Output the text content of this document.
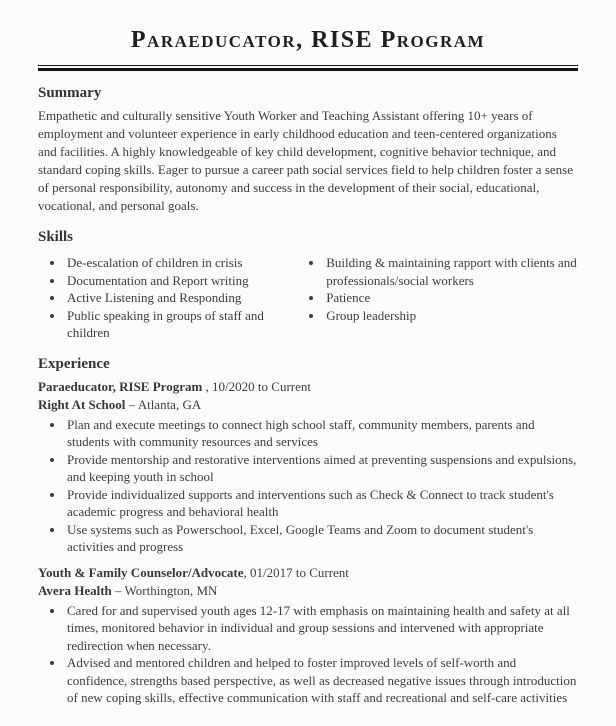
Paraeducator, RISE Program
Summary

Empathetic and culturally sensitive Youth Worker and Teaching Assistant offering 10+ years of employment and volunteer experience in early childhood education and teen-centered organizations and facilities. A highly knowledgeable of key child development, cognitive behavior technique, and standard coping skills. Eager to pursue a career path social services field to help children foster a sense of personal responsibility, autonomy and success in the development of their social, educational, vocational, and personal goals.

Skills
• De-escalation of children in crisis
• Documentation and Report writing
• Active Listening and Responding
• Public speaking in groups of staff and children
• Building & maintaining rapport with clients and professionals/social workers
• Patience
• Group leadership
Experience

Paraeducator, RISE Program , 10/2020 to Current

Right At School – Atlanta, GA

• Plan and execute meetings to connect high school staff, community members, parents and students with community resources and services
• Provide mentorship and restorative interventions aimed at preventing suspensions and expulsions, and keeping youth in school
• Provide individualized supports and interventions such as Check & Connect to track student's academic progress and behavioral health
• Use systems such as Powerschool, Excel, Google Teams and Zoom to document student's activities and progress

Youth & Family Counselor/Advocate, 01/2017 to Current

Avera Health – Worthington, MN

• Cared for and supervised youth ages 12-17 with emphasis on maintaining health and safety at all times, monitored behavior in individual and group sessions and intervened with appropriate redirection when necessary.
• Advised and mentored children and helped to foster improved levels of self-worth and confidence, strengths based perspective, as well as decreased negative issues through introduction of new coping skills, effective communication with staff and recreational and self-care activities
